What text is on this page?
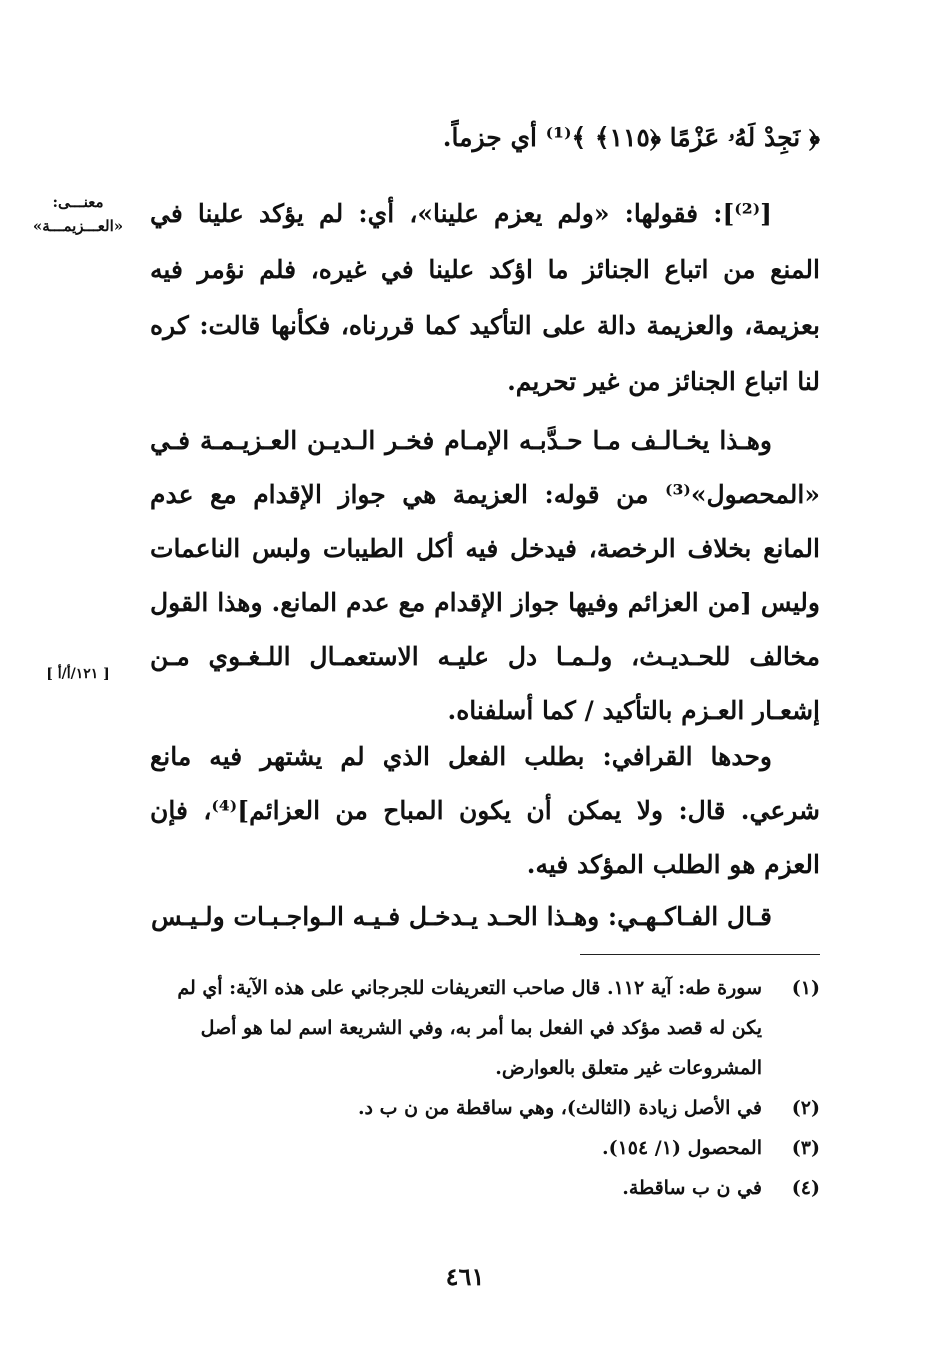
﴿ نَجِدْ لَهُۥ عَزْمًا ﴿١١٥﴾ ﴾⁽¹⁾ أي جزماً.

معنـــى: «العـــزيمـــة» [⁽²⁾]: فقولها: «ولم يعزم علينا»، أي: لم يؤكد علينا في المنع من اتباع الجنائز ما اؤكد علينا في غيره، فلم نؤمر فيه بعزيمة، والعزيمة دالة على التأكيد كما قررناه، فكأنها قالت: كره لنا اتباع الجنائز من غير تحريم.

وهـذا يخـالـف مـا حـدَّبـه الإمـام فخـر الـديـن العـزيـمـة فـي «المحصول»⁽³⁾ من قوله: العزيمة هي جواز الإقدام مع عدم المانع بخلاف الرخصة، فيدخل فيه أكل الطيبات ولبس الناعمات وليس [من العزائم وفيها جواز الإقدام مع عدم المانع. وهذا القول مخالف للحـديـث، ولـمـا دل عليـه الاستعمـال اللـغـوي مـن إشعـار العـزم بالتأكيد / كما أسلفناه.

[ ١٢١/أ/أ ]

وحدها القرافي: بطلب الفعل الذي لم يشتهر فيه مانع شرعي. قال: ولا يمكن أن يكون المباح من العزائم]⁽⁴⁾، فإن العزم هو الطلب المؤكد فيه.

قـال الفـاكـهـي: وهـذا الحـد يـدخـل فـيـه الـواجـبـات ولـيـس

(١)
سورة طه: آية ١١٢. قال صاحب التعريفات للجرجاني على هذه الآية: أي لم يكن له قصد مؤكد في الفعل بما أمر به، وفي الشريعة اسم لما هو أصل المشروعات غير متعلق بالعوارض.
(٢)
في الأصل زيادة (الثالث)، وهي ساقطة من ن ب د.
(٣)
المحصول (١/ ١٥٤).
(٤)
في ن ب ساقطة.
٤٦١
